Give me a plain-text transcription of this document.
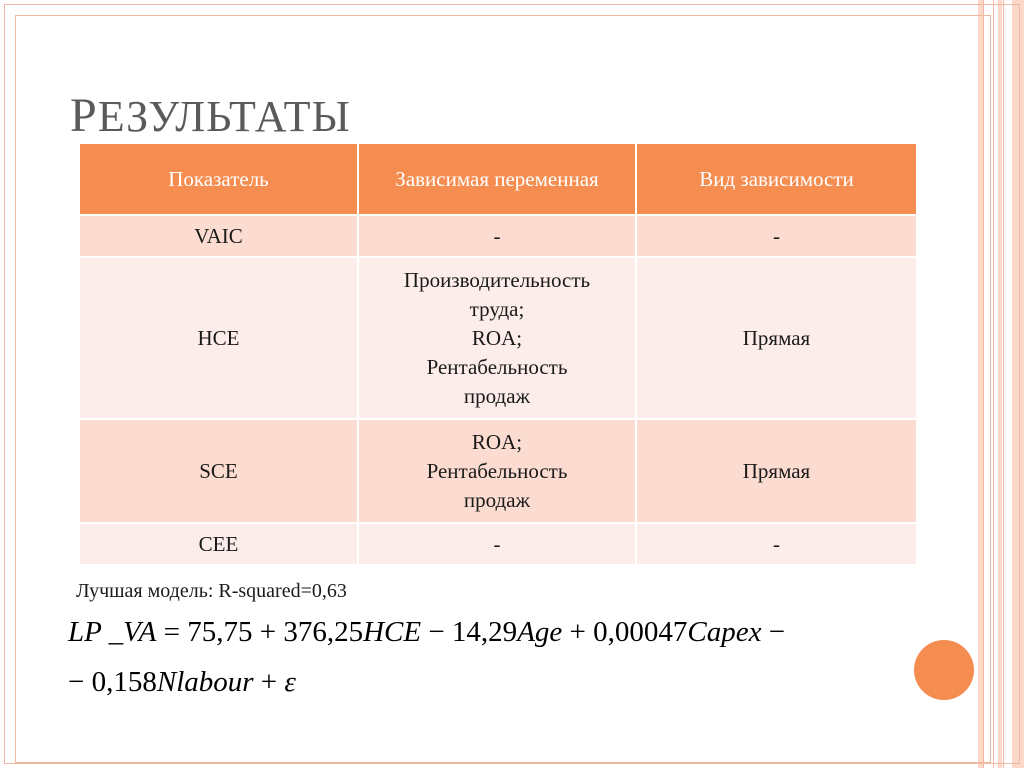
РЕЗУЛЬТАТЫ
Показатель	Зависимая переменная	Вид зависимости
VAIC	-	-
HCE	Производительность
труда;
ROA;
Рентабельность
продаж	Прямая
SCE	ROA;
Рентабельность
продаж	Прямая
CEE	-	-
Лучшая модель: R-squared=0,63
LP _VA = 75,75 + 376,25HCE − 14,29Age + 0,00047Capex −
− 0,158Nlabour + ε
